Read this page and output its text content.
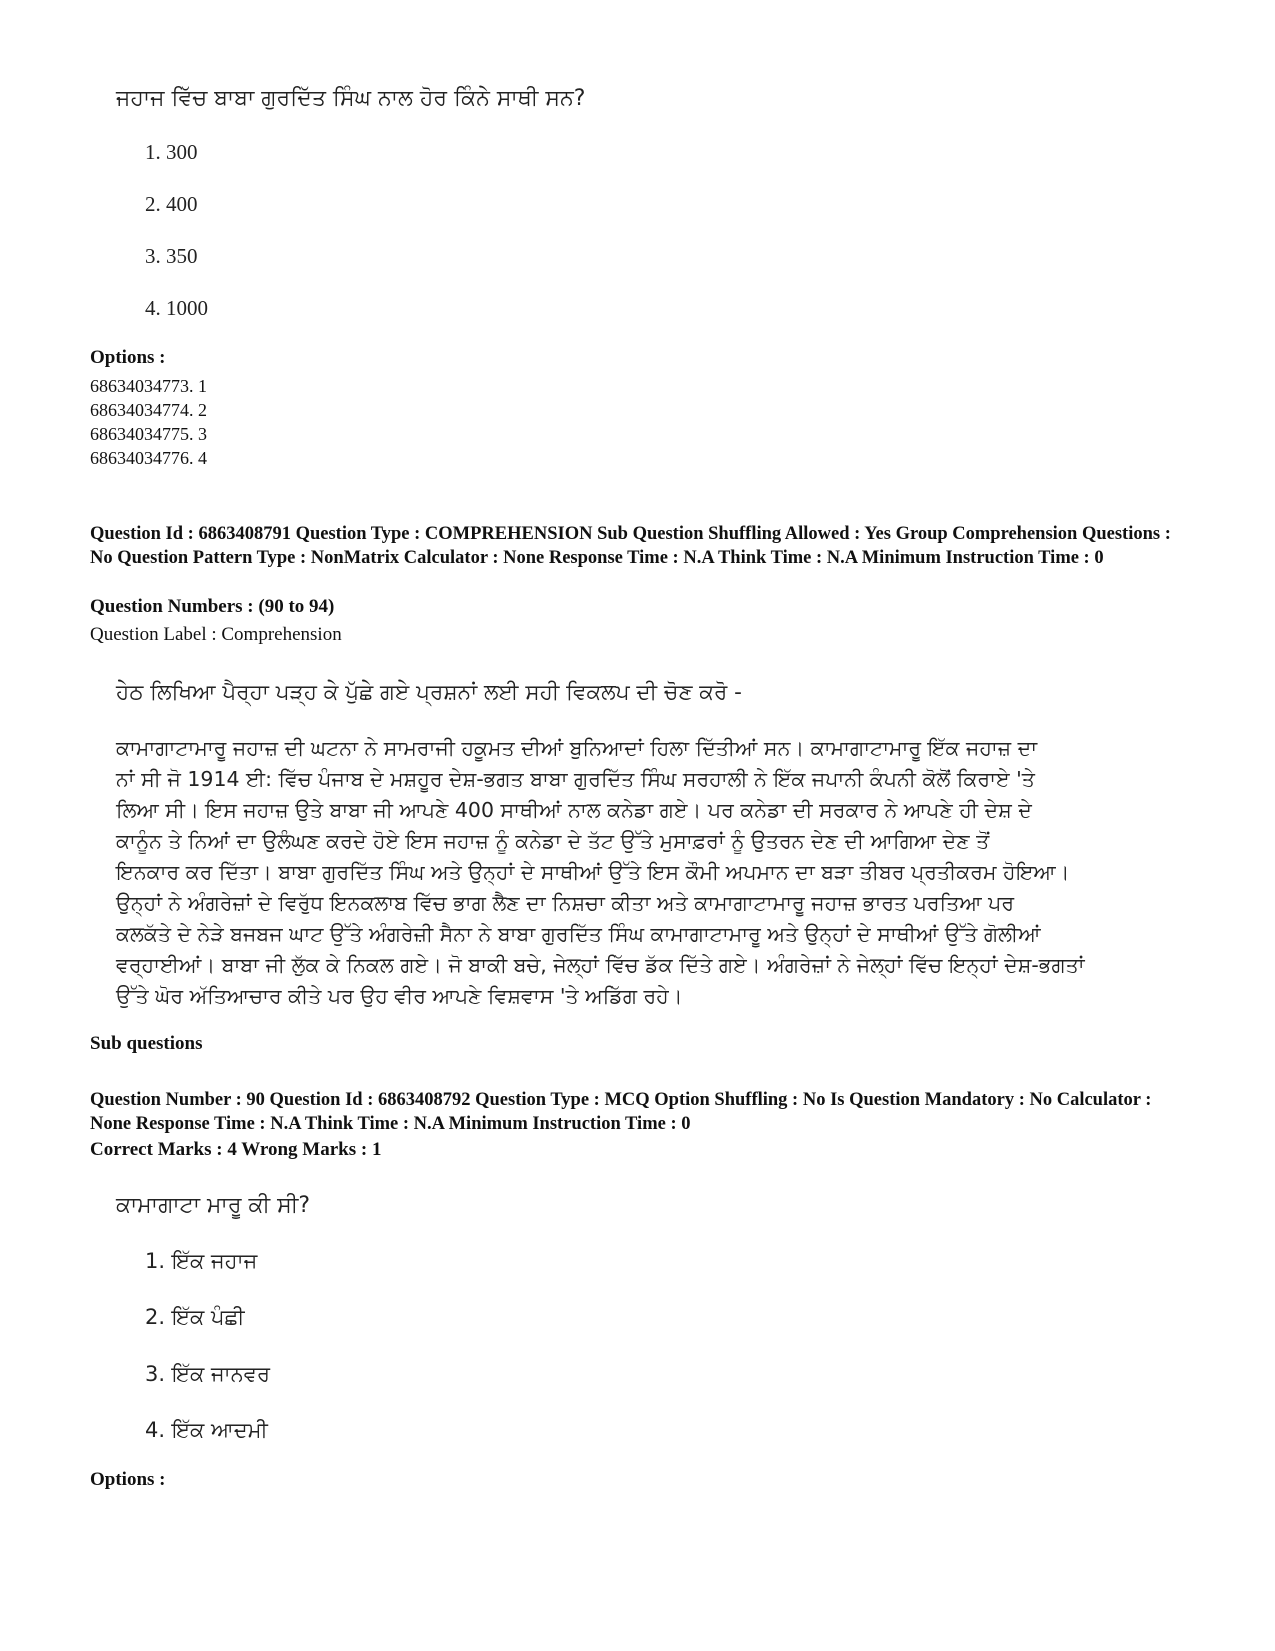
ਜਹਾਜ ਵਿੱਚ ਬਾਬਾ ਗੁਰਦਿੱਤ ਸਿੰਘ ਨਾਲ ਹੋਰ ਕਿੰਨੇ ਸਾਥੀ ਸਨ?
1. 300
2. 400
3. 350
4. 1000
Options :
68634034773. 1
68634034774. 2
68634034775. 3
68634034776. 4
Question Id : 6863408791 Question Type : COMPREHENSION Sub Question Shuffling Allowed : Yes Group Comprehension Questions : No Question Pattern Type : NonMatrix Calculator : None Response Time : N.A Think Time : N.A Minimum Instruction Time : 0
Question Numbers : (90 to 94)
Question Label : Comprehension
ਹੇਠ ਲਿਖਿਆ ਪੈਰ੍ਹਾ ਪੜ੍ਹ ਕੇ ਪੁੱਛੇ ਗਏ ਪ੍ਰਸ਼ਨਾਂ ਲਈ ਸਹੀ ਵਿਕਲਪ ਦੀ ਚੋਣ ਕਰੋ -
ਕਾਮਾਗਾਟਾਮਾਰੂ ਜਹਾਜ਼ ਦੀ ਘਟਨਾ ਨੇ ਸਾਮਰਾਜੀ ਹਕੂਮਤ ਦੀਆਂ ਬੁਨਿਆਦਾਂ ਹਿਲਾ ਦਿੱਤੀਆਂ ਸਨ। ਕਾਮਾਗਾਟਾਮਾਰੂ ਇੱਕ ਜਹਾਜ਼ ਦਾ
ਨਾਂ ਸੀ ਜੋ 1914 ਈ: ਵਿੱਚ ਪੰਜਾਬ ਦੇ ਮਸ਼ਹੂਰ ਦੇਸ਼-ਭਗਤ ਬਾਬਾ ਗੁਰਦਿੱਤ ਸਿੰਘ ਸਰਹਾਲੀ ਨੇ ਇੱਕ ਜਪਾਨੀ ਕੰਪਨੀ ਕੋਲੋਂ ਕਿਰਾਏ 'ਤੇ
ਲਿਆ ਸੀ। ਇਸ ਜਹਾਜ਼ ਉਤੇ ਬਾਬਾ ਜੀ ਆਪਣੇ 400 ਸਾਥੀਆਂ ਨਾਲ ਕਨੇਡਾ ਗਏ। ਪਰ ਕਨੇਡਾ ਦੀ ਸਰਕਾਰ ਨੇ ਆਪਣੇ ਹੀ ਦੇਸ਼ ਦੇ
ਕਾਨੂੰਨ ਤੇ ਨਿਆਂ ਦਾ ਉਲੰਘਣ ਕਰਦੇ ਹੋਏ ਇਸ ਜਹਾਜ਼ ਨੂੰ ਕਨੇਡਾ ਦੇ ਤੱਟ ਉੱਤੇ ਮੁਸਾਫ਼ਰਾਂ ਨੂੰ ਉਤਰਨ ਦੇਣ ਦੀ ਆਗਿਆ ਦੇਣ ਤੋਂ
ਇਨਕਾਰ ਕਰ ਦਿੱਤਾ। ਬਾਬਾ ਗੁਰਦਿੱਤ ਸਿੰਘ ਅਤੇ ਉਨ੍ਹਾਂ ਦੇ ਸਾਥੀਆਂ ਉੱਤੇ ਇਸ ਕੌਮੀ ਅਪਮਾਨ ਦਾ ਬੜਾ ਤੀਬਰ ਪ੍ਰਤੀਕਰਮ ਹੋਇਆ।
ਉਨ੍ਹਾਂ ਨੇ ਅੰਗਰੇਜ਼ਾਂ ਦੇ ਵਿਰੁੱਧ ਇਨਕਲਾਬ ਵਿੱਚ ਭਾਗ ਲੈਣ ਦਾ ਨਿਸ਼ਚਾ ਕੀਤਾ ਅਤੇ ਕਾਮਾਗਾਟਾਮਾਰੂ ਜਹਾਜ਼ ਭਾਰਤ ਪਰਤਿਆ ਪਰ
ਕਲਕੱਤੇ ਦੇ ਨੇੜੇ ਬਜਬਜ ਘਾਟ ਉੱਤੇ ਅੰਗਰੇਜ਼ੀ ਸੈਨਾ ਨੇ ਬਾਬਾ ਗੁਰਦਿੱਤ ਸਿੰਘ ਕਾਮਾਗਾਟਾਮਾਰੂ ਅਤੇ ਉਨ੍ਹਾਂ ਦੇ ਸਾਥੀਆਂ ਉੱਤੇ ਗੋਲੀਆਂ
ਵਰ੍ਹਾਈਆਂ। ਬਾਬਾ ਜੀ ਲੁੱਕ ਕੇ ਨਿਕਲ ਗਏ। ਜੋ ਬਾਕੀ ਬਚੇ, ਜੇਲ੍ਹਾਂ ਵਿੱਚ ਡੱਕ ਦਿੱਤੇ ਗਏ। ਅੰਗਰੇਜ਼ਾਂ ਨੇ ਜੇਲ੍ਹਾਂ ਵਿੱਚ ਇਨ੍ਹਾਂ ਦੇਸ਼-ਭਗਤਾਂ
ਉੱਤੇ ਘੋਰ ਅੱਤਿਆਚਾਰ ਕੀਤੇ ਪਰ ਉਹ ਵੀਰ ਆਪਣੇ ਵਿਸ਼ਵਾਸ 'ਤੇ ਅਡਿੱਗ ਰਹੇ।
Sub questions
Question Number : 90 Question Id : 6863408792 Question Type : MCQ Option Shuffling : No Is Question Mandatory : No Calculator : None Response Time : N.A Think Time : N.A Minimum Instruction Time : 0
Correct Marks : 4 Wrong Marks : 1
ਕਾਮਾਗਾਟਾ ਮਾਰੂ ਕੀ ਸੀ?
1. ਇੱਕ ਜਹਾਜ
2. ਇੱਕ ਪੰਛੀ
3. ਇੱਕ ਜਾਨਵਰ
4. ਇੱਕ ਆਦਮੀ
Options :
